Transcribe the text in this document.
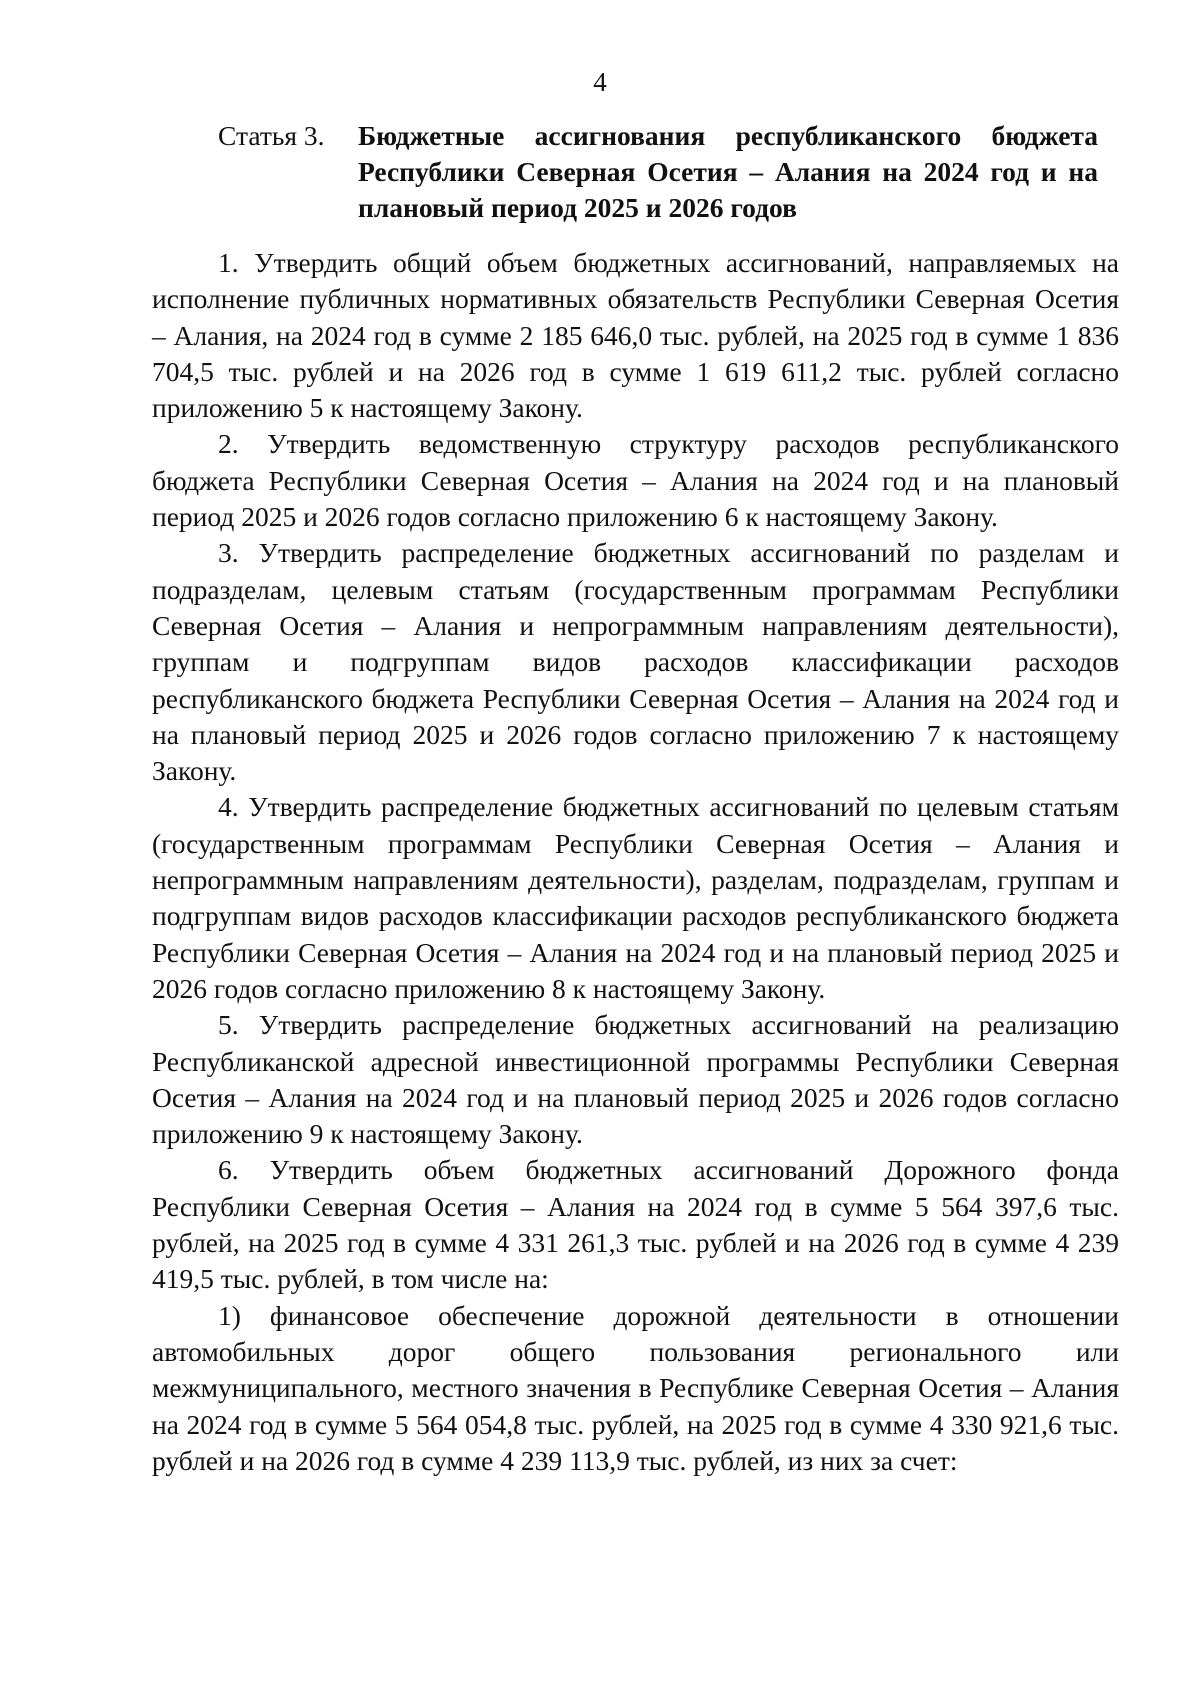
4
Статья 3.	Бюджетные ассигнования республиканского бюджета
Республики Северная Осетия – Алания на 2024 год и на
плановый период 2025 и 2026 годов

1. Утвердить общий объем бюджетных ассигнований, направляемых на исполнение публичных нормативных обязательств Республики Северная Осетия – Алания, на 2024 год в сумме 2 185 646,0 тыс. рублей, на 2025 год в сумме 1 836 704,5 тыс. рублей и на 2026 год в сумме 1 619 611,2 тыс. рублей согласно приложению 5 к настоящему Закону.

2. Утвердить ведомственную структуру расходов республиканского бюджета Республики Северная Осетия – Алания на 2024 год и на плановый период 2025 и 2026 годов согласно приложению 6 к настоящему Закону.

3. Утвердить распределение бюджетных ассигнований по разделам и подразделам, целевым статьям (государственным программам Республики Северная Осетия – Алания и непрограммным направлениям деятельности), группам и подгруппам видов расходов классификации расходов республиканского бюджета Республики Северная Осетия – Алания на 2024 год и на плановый период 2025 и 2026 годов согласно приложению 7 к настоящему Закону.

4. Утвердить распределение бюджетных ассигнований по целевым статьям (государственным программам Республики Северная Осетия – Алания и непрограммным направлениям деятельности), разделам, подразделам, группам и подгруппам видов расходов классификации расходов республиканского бюджета Республики Северная Осетия – Алания на 2024 год и на плановый период 2025 и 2026 годов согласно приложению 8 к настоящему Закону.

5. Утвердить распределение бюджетных ассигнований на реализацию Республиканской адресной инвестиционной программы Республики Северная Осетия – Алания на 2024 год и на плановый период 2025 и 2026 годов согласно приложению 9 к настоящему Закону.

6. Утвердить объем бюджетных ассигнований Дорожного фонда Республики Северная Осетия – Алания на 2024 год в сумме 5 564 397,6 тыс. рублей, на 2025 год в сумме 4 331 261,3 тыс. рублей и на 2026 год в сумме 4 239 419,5 тыс. рублей, в том числе на:

1) финансовое обеспечение дорожной деятельности в отношении автомобильных дорог общего пользования регионального или межмуниципального, местного значения в Республике Северная Осетия – Алания на 2024 год в сумме 5 564 054,8 тыс. рублей, на 2025 год в сумме 4 330 921,6 тыс. рублей и на 2026 год в сумме 4 239 113,9 тыс. рублей, из них за счет:
